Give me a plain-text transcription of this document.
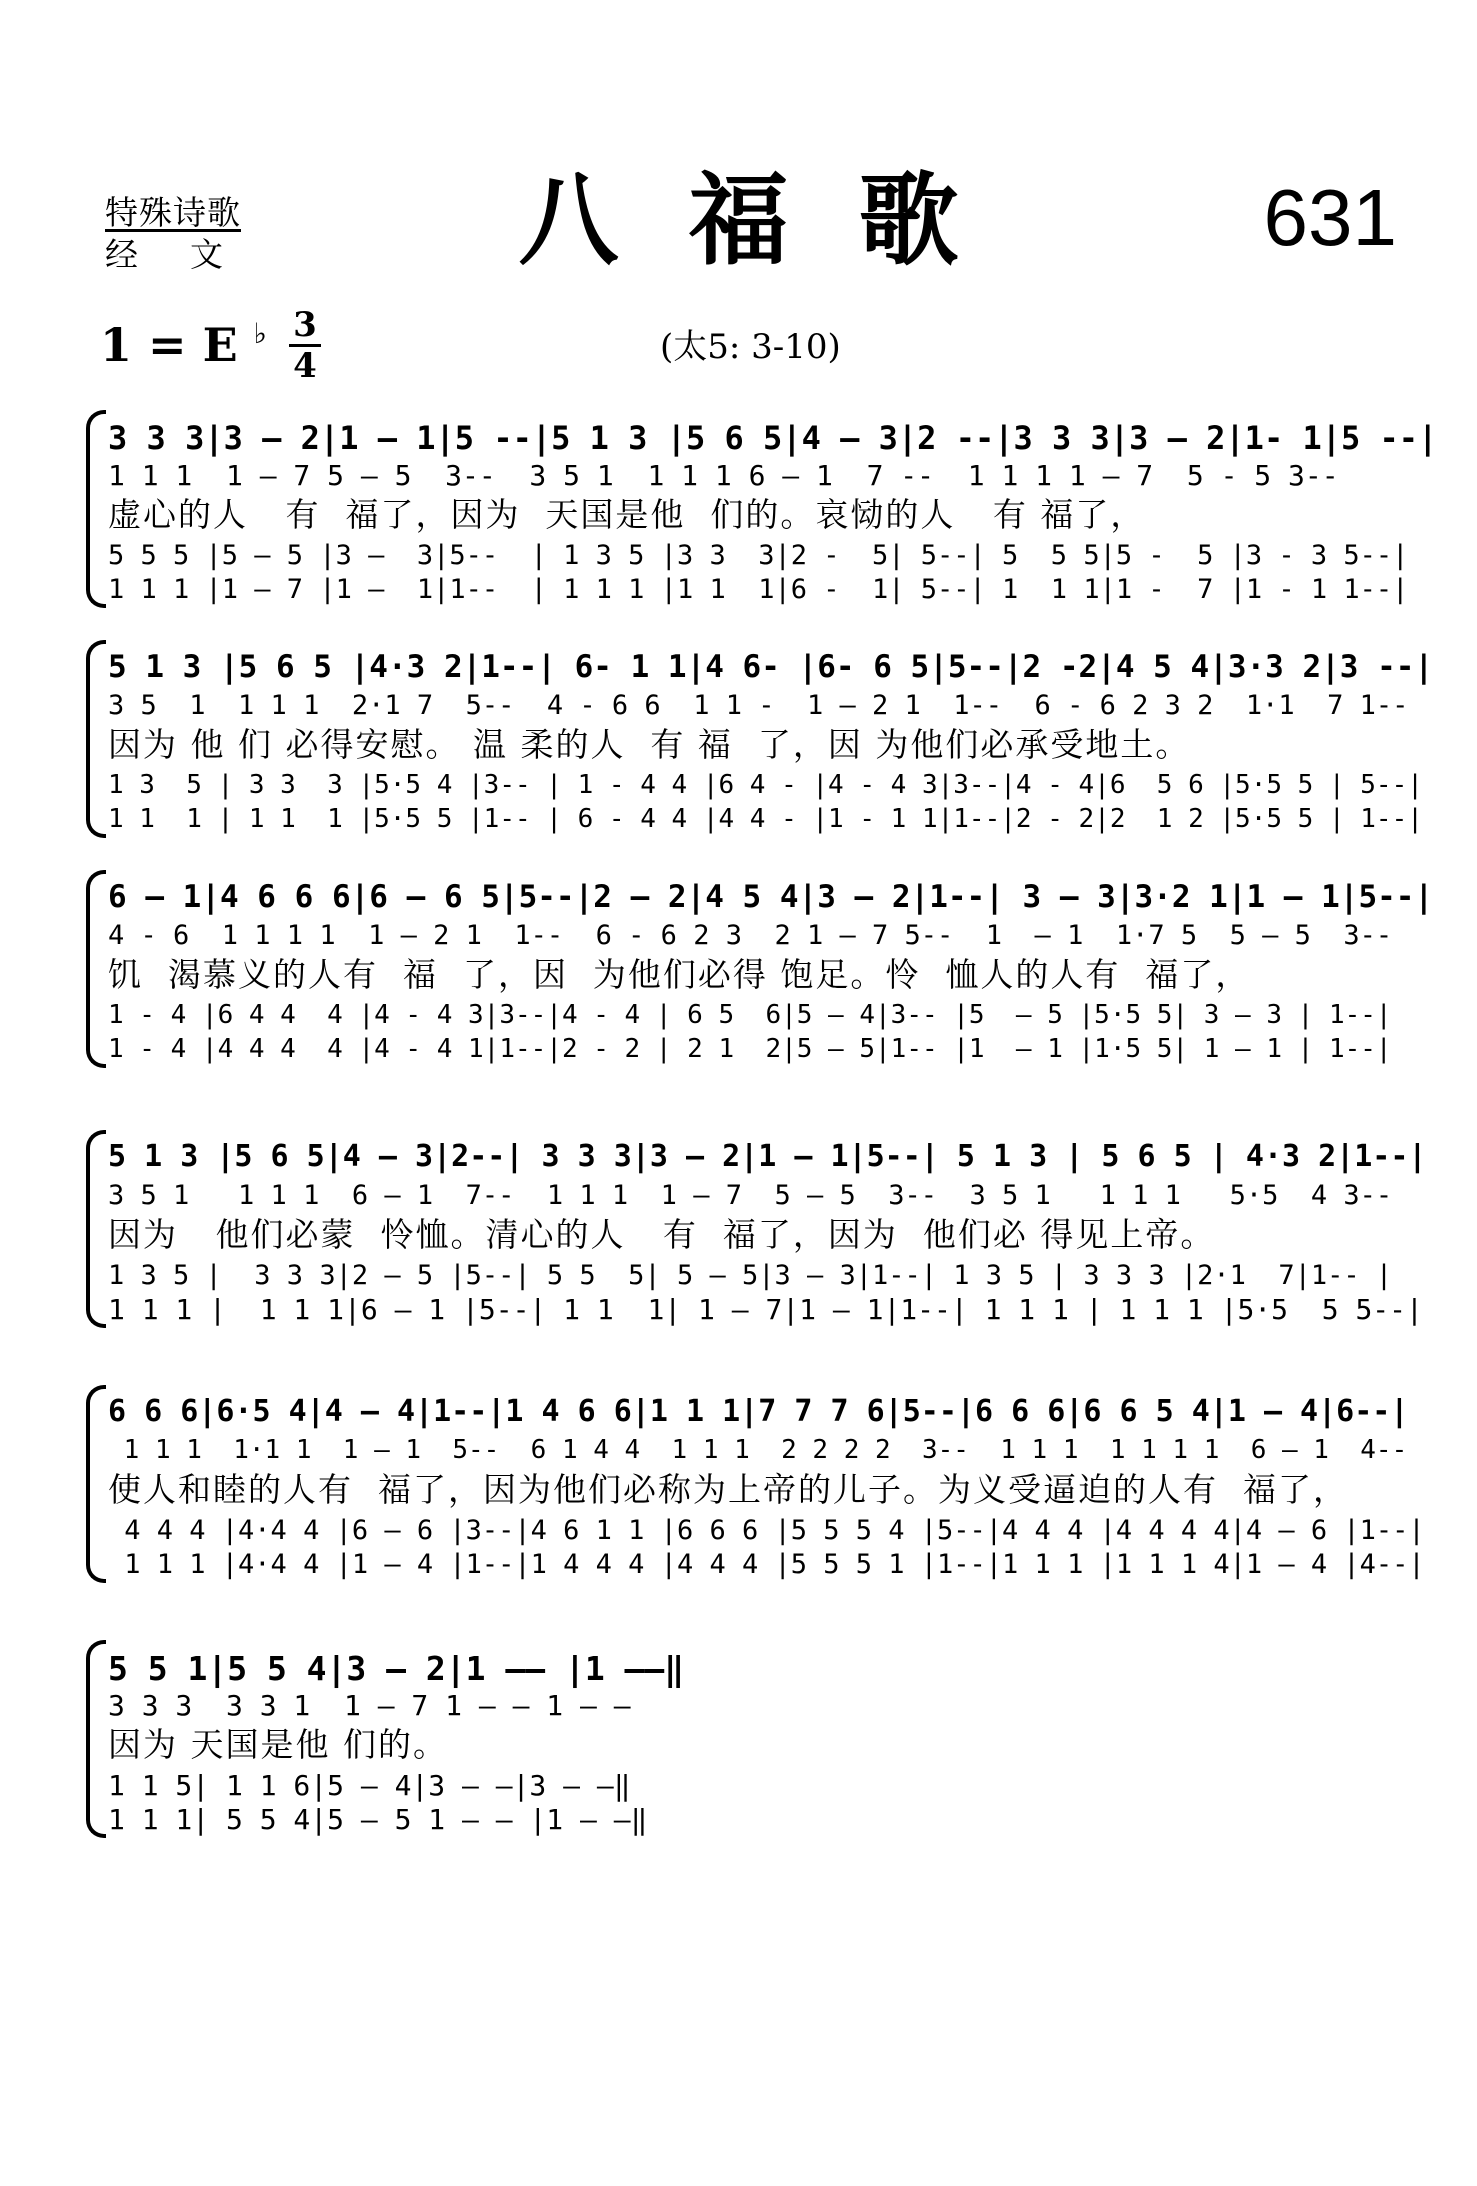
特殊诗歌
经文	八福歌	631
1 = E ♭ 3
4	(太5: 3-10)
3 3 3|3 — 2|1 — 1|5 --|5 1 3 |5 6 5|4 — 3|2 --|3 3 3|3 — 2|1- 1|5 --|
1 1 1  1 — 7 5 — 5  3--  3 5 1  1 1 1 6 — 1  7 --  1 1 1 1 — 7  5 - 5 3--
虚心的人   有  福了，因为  天国是他  们的。哀恸的人   有 福了，
5 5 5 |5 — 5 |3 —  3|5--  | 1 3 5 |3 3  3|2 -  5| 5--| 5  5 5|5 -  5 |3 - 3 5--|
1 1 1 |1 — 7 |1 —  1|1--  | 1 1 1 |1 1  1|6 -  1| 5--| 1  1 1|1 -  7 |1 - 1 1--|
5 1 3 |5 6 5 |4·3 2|1--| 6- 1 1|4 6- |6- 6 5|5--|2 -2|4 5 4|3·3 2|3 --|
3 5  1  1 1 1  2·1 7  5--  4 - 6 6  1 1 -  1 — 2 1  1--  6 - 6 2 3 2  1·1  7 1--
因为 他 们 必得安慰。 温 柔的人  有 福  了，因 为他们必承受地土。
1 3  5 | 3 3  3 |5·5 4 |3-- | 1 - 4 4 |6 4 - |4 - 4 3|3--|4 - 4|6  5 6 |5·5 5 | 5--|
1 1  1 | 1 1  1 |5·5 5 |1-- | 6 - 4 4 |4 4 - |1 - 1 1|1--|2 - 2|2  1 2 |5·5 5 | 1--|
6 — 1|4 6 6 6|6 — 6 5|5--|2 — 2|4 5 4|3 — 2|1--| 3 — 3|3·2 1|1 — 1|5--|
4 - 6  1 1 1 1  1 — 2 1  1--  6 - 6 2 3  2 1 — 7 5--  1  — 1  1·7 5  5 — 5  3--
饥  渴慕义的人有  福  了，因  为他们必得 饱足。怜  恤人的人有  福了，
1 - 4 |6 4 4  4 |4 - 4 3|3--|4 - 4 | 6 5  6|5 — 4|3-- |5  — 5 |5·5 5| 3 — 3 | 1--|
1 - 4 |4 4 4  4 |4 - 4 1|1--|2 - 2 | 2 1  2|5 — 5|1-- |1  — 1 |1·5 5| 1 — 1 | 1--|
5 1 3 |5 6 5|4 — 3|2--| 3 3 3|3 — 2|1 — 1|5--| 5 1 3 | 5 6 5 | 4·3 2|1--|
3 5 1   1 1 1  6 — 1  7--  1 1 1  1 — 7  5 — 5  3--  3 5 1   1 1 1   5·5  4 3--
因为   他们必蒙  怜恤。清心的人   有  福了，因为  他们必 得见上帝。
1 3 5 |  3 3 3|2 — 5 |5--| 5 5  5| 5 — 5|3 — 3|1--| 1 3 5 | 3 3 3 |2·1  7|1-- |
1 1 1 |  1 1 1|6 — 1 |5--| 1 1  1| 1 — 7|1 — 1|1--| 1 1 1 | 1 1 1 |5·5  5 5--|
6 6 6|6·5 4|4 — 4|1--|1 4 6 6|1 1 1|7 7 7 6|5--|6 6 6|6 6 5 4|1 — 4|6--|
1 1 1  1·1 1  1 — 1  5--  6 1 4 4  1 1 1  2 2 2 2  3--  1 1 1  1 1 1 1  6 — 1  4--
使人和睦的人有  福了，因为他们必称为上帝的儿子。为义受逼迫的人有  福了，
4 4 4 |4·4 4 |6 — 6 |3--|4 6 1 1 |6 6 6 |5 5 5 4 |5--|4 4 4 |4 4 4 4|4 — 6 |1--|
1 1 1 |4·4 4 |1 — 4 |1--|1 4 4 4 |4 4 4 |5 5 5 1 |1--|1 1 1 |1 1 1 4|1 — 4 |4--|
5 5 1|5 5 4|3 — 2|1 —— |1 ——‖
3 3 3  3 3 1  1 — 7 1 — — 1 — —
因为 天国是他 们的。
1 1 5| 1 1 6|5 — 4|3 — —|3 — —‖
1 1 1| 5 5 4|5 — 5 1 — — |1 — —‖
